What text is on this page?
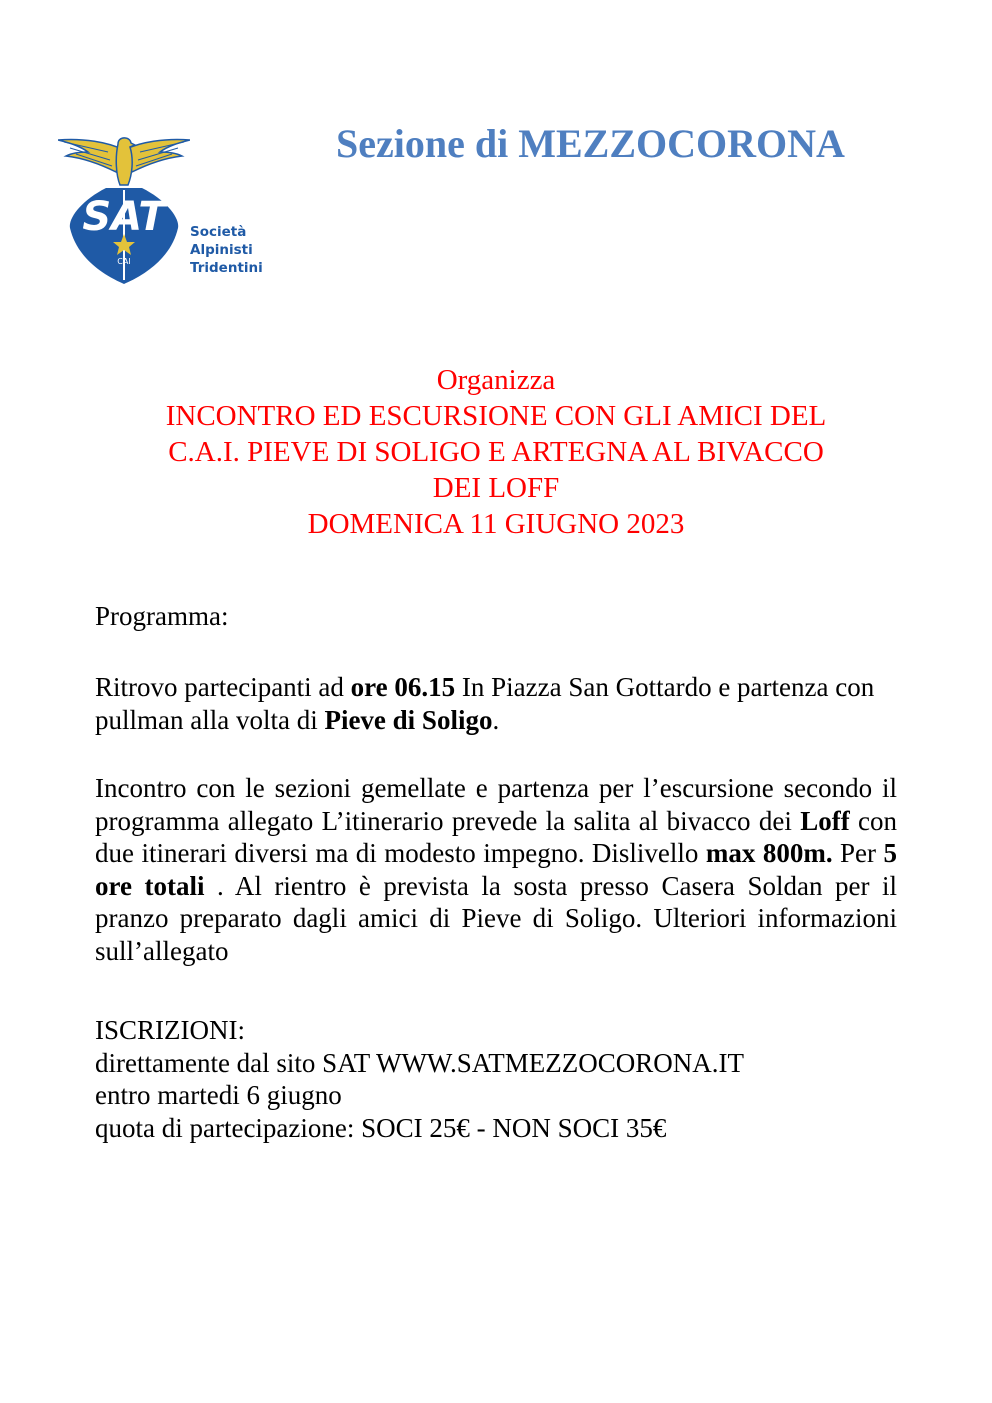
SAT
CAI
Società
Alpinisti
Tridentini
Sezione di MEZZOCORONA
Organizza
INCONTRO ED ESCURSIONE CON GLI AMICI DEL
C.A.I. PIEVE DI SOLIGO E ARTEGNA AL BIVACCO
DEI LOFF
DOMENICA 11 GIUGNO 2023

Programma:

Ritrovo partecipanti ad ore 06.15 In Piazza San Gottardo e partenza con pullman alla volta di Pieve di Soligo.

Incontro con le sezioni gemellate e partenza per l’escursione secondo il programma allegato L’itinerario prevede la salita al bivacco dei Loff con due itinerari diversi ma di modesto impegno. Dislivello max 800m. Per 5 ore totali . Al rientro è prevista la sosta presso Casera Soldan per il pranzo preparato dagli amici di Pieve di Soligo. Ulteriori informazioni sull’allegato

ISCRIZIONI:

direttamente dal sito SAT WWW.SATMEZZOCORONA.IT

entro martedi 6 giugno

quota di partecipazione: SOCI 25€ - NON SOCI 35€
